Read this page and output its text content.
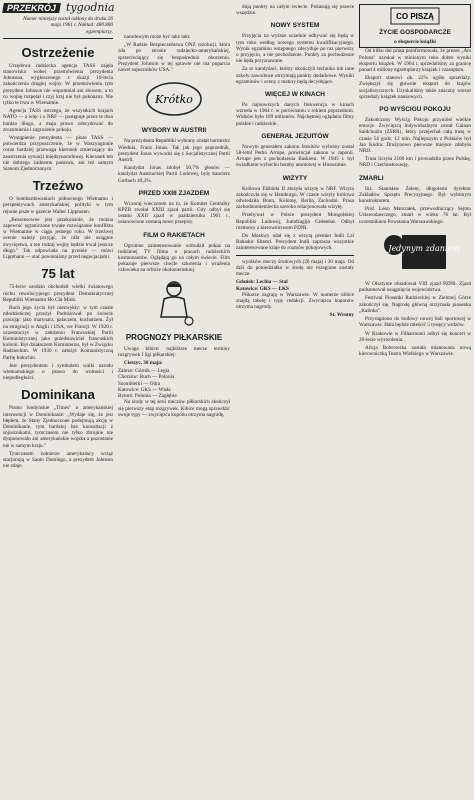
PRZEKRÓJ tygodnia
Numer niniejszy został oddany do druku 26 maja 1961 r. Nakład: 480.800 egzemplarzy.
Ostrzeżenie

Urzędowa radziecka agencja TASS zajęła stanowisko wobec przemówienia prezydenta Johnsona, wygłoszonego z okazji 10-lecia zakończenia drugiej wojny. W przemówieniu tym prezydent Johnson nie wspomniał ani słowem, a to co wojnę rozpętał i czyj kraj nie był pokonany. Nie tylko te trwa w Wietnamie.

Agencja TASS ostrzega, że wszystkich krajach NATO — a więc i o NRF — postępuje przez te dwa bardzo długo, a maja prawo zdecydować do zrozumienia i zagrożenie pokoju.

Wystąpienie prezydenta — pisze TASS — potwierdza przypuszczenie, że w Waszyngtonie coraz bardziej przewaga kierunek zmierzający do zaostrzenia sytuacji międzynarodowej. Kierunek ten nie dobrego żadnemu państwu, ani też samym Stanom Zjednoczonym.

Trzeźwo

O bombardowaniach północnego Wietnamu i perspektywach amerykańskiej polityki w tym rejonie pisze w gazecie Walter Lippmann:

„Bezsensowne jest przekonanie, że można zapewnić ograniczone trwałe rozwiązanie konfliktu w Wietnamie w ciągu jednego roku. W trzeźwej ocenie należy przyjąć, że nikt nie osiągnie zwycięstwa, a ten rodzaj wojny będzie trwał jeszcze długo." Tak odpowiada na pytanie — mówi Lippmann — stać powinniśmy przed negocjacjami.

75 lat

75-lecie urodzin obchodził wielki światowego ruchu rewolucyjnego prezydent Demokratycznej Republiki Wietnamu Ho Chi Minh.

Ruch jego życia był niezwykły: w tym czasie młodzieńczej przeżył Podróżował po świecie pracując jako marynarz, palaczem, kucharzem. Żył na emigracji w Anglii i USA, we Francji. W 1920 r. uczestniczył w założeniu Francuskiej Partii Komunistycznej jako przedstawiciel francuskich kolonii. Był działaczem Kominternu, był w Związku Radzieckim. W 1930 r. założył Komunistyczną Partię Indochin.

Jest prezydentem i symbolem walki narodu wietnamskiego o prawo do wolności i niepodległości.

Dominikana

Pismo londyńskie „Times" o amerykańskiej interwencji w Dominikanie: „Wydaje się, że jest błędem, że Stany Zjednoczone podejmują akcję w Dominikanie, tym bardziej bez konsultacji z sojusznikami, tymczasem nie tylko zbrojnie nie dysponowało ani amerykańskie wojska a pozostanie nie w samym kraju."

Tymczasem żołnierze amerykańscy wciąż stacjonują w Santo Domingo, a prezydent Johnson nie zdaje.

narodowym może być takż takt:

„W Radzie Bezpieczeństwa ONZ rezolucji, która zda po stronie radziecko-amerykańskiej, sprzeciwiający się bezpośrednio oburzeniu. Prezydent Johnson w tej sprawie nie ma poparcia nawet sojuszników USA."

Krótko
WYBORY W AUSTRII

Na prezydenta Republiki wybrany został burmistrz Wiednia, Franz Jonas. Tak jak jego poprzednik, prezydent Jonas wywodzi się z Socjalistycznej Partii Austrii.

Kandydat Jonas zdobył 50,7% głosów — kandydat Austriackiej Partii Ludowej, były kanclerz Gorbach 49,3%.

PRZED XXIII ZJAZDEM

Wczoraj wieczorem na to, że Komitet Centralny KPZR zwołał XXIII zjazd partii. Gdy odbył się ostatni XXII zjazd w październiku 1961 r., ustanowione zostaną nowe przepisy.

FILM O RAKIETACH

Ogromne zainteresowanie wzbudził pokaz na rodzinnej TV filmu o pracach radzieckich kosmonautów. Oglądają go na całym świecie. Film pokazuje pierwsze chwile szkolenia i wrażenia człowieka na orbicie okołoziemskiej.

PROGNOZY PIŁKARSKIE

Uwaga kibice: najbliższe mecze terminy rozgrywek I ligi piłkarskiej:

Cieszyc, 30 maja:

Zabrze: Górnik — Legia
Chorzów: Ruch — Polonia
Szombierki — Odra
Katowice: GKS — Wisła
Bytom: Polonia — Zagłębie

Na środy w tej serii meczów piłkarskich skończył się pierwszy etap rozgrywek. Kibice mogą sprawdzić swoje typy — zwycięzca kuponu otrzyma nagrodę.

dują punkty na całym świecie. Pokazują się prawie wszędzie.

NOWY SYSTEM

Przyjęcia na wyższe uczelnie odbywać się będą w tym roku według nowego systemu kwalifikacyjnego. Wynik egzaminu wstępnego zdecyduje po raz pierwszy o przyjęciu, a nie pochodzenie. Punkty za pochodzenie nie będą przyznawane.

Za to kandydaci, którzy ukończyli technika lub inne szkoły zawodowe otrzymają punkty dodatkowe. Wyniki egzaminów i oceny z matury będą decydujące.

WIĘCEJ W KINACH

Po najnowszych danych frekwencja w kinach wzrosła w 1964 r. w porównaniu z rokiem poprzednim. Widzów było 189 milionów. Najchętniej oglądano filmy polskie i radzieckie.

GENERAŁ JEZUITÓW

Nowym generałem zakonu Jezuitów wybrany został 58-letni Pedro Arrupe, prowincjał zakonu w Japonii. Arrupe jest z pochodzenia Baskiem. W 1945 r. był świadkiem wybuchu bomby atomowej w Hiroszimie.

WIZYTY

Królowa Elżbieta II złożyła wizytę w NRF. Wizyta zakończyła się w Hamburgu. W czasie wizyty królowa odwiedziła Bonn, Kolonię, Berlin Zachodni. Prasa zachodnioniemiecka szeroko relacjonowała wizytę.

Przebywał w Polsce prezydent Mongolskiej Republiki Ludowej, Jumdżagijn Cedenbał. Odbył rozmowy z kierownictwem PZPR.

Do Moskwy udał się z wizytą premier Indii Lal Bahadur Shastri. Prezydent Indii zaprasza wszystkie zainteresowane kraje do rozmów pokojowych.

wyników meczy środowych (26 maja) i 30 maja. Od dziś do poniedziałku w środę nie rozegrane zostały mecze.

Gdańsk: Lechia — Stal
Katowice: GKS — ŁKS

Piłkarze zagrają w Warszawie. W numerze kibice znajdą tabelę i typy redakcji. Zwycięzca kuponów otrzyma nagrody.

St. Wrotny
CO PISZĄ
ŻYCIE GOSPODARCZE
o eksporcie książki

Od kilku dni prasa poinformowała, że prezes „Ars Polona" uzyskał w minionym roku dobre wyniki eksportu książek. W 1964 r. sprzedaliśmy za granicę ponad 4 miliony egzemplarzy książek i czasopism.

Eksport stanowi ok. 22% ogółu sprzedaży. Zwiększył się głównie eksport do krajów socjalistycznych. Uzyskaliśmy także znaczny wzrost sprzedaży książek naukowych.

PO WYŚCIGU POKOJU

Zakończony Wyścig Pokoju przyniósł wielkie emocje. Zwycięzcą indywidualnym został Gainan Saidchużin (ZSRR), który przejechał całą trasę w czasie 54 godz. 12 min. Najlepszym z Polaków był Jan Kudra. Drużynowo pierwsze miejsce zdobyła NRD.

Trasa liczyła 2100 km i prowadziła przez Polskę, NRD i Czechosłowację.

ZMARLI

Inż. Stanisław Zelent, długoletni dyrektor Zakładów Sprzętu Precyzyjnego. Był wybitnym konstruktorem.

Prof. Leon Marszałek, przewodniczący Sejmu Ustawodawczego, zmarł w wieku 76 lat. Był uczestnikiem Powstania Warszawskiego.

Jedynym zdaniem

W Olsztynie obradował VIII zjazd PZPR. Zjazd podsumował osiągnięcia województwa.

Festiwal Piosenki Radzieckiej w Zielonej Górze zakończył się. Nagrodę główną otrzymała piosenka „Kalinka".

Przystąpiono do budowy nowej hali sportowej w Warszawie. Hala będzie mieścić 5 tysięcy widzów.

W Krakowie w Filharmonii odbył się koncert w 20-lecie wyzwolenia.

Alicja Bobrowska została mianowana nową kierowniczką Teatru Wielkiego w Warszawie.
